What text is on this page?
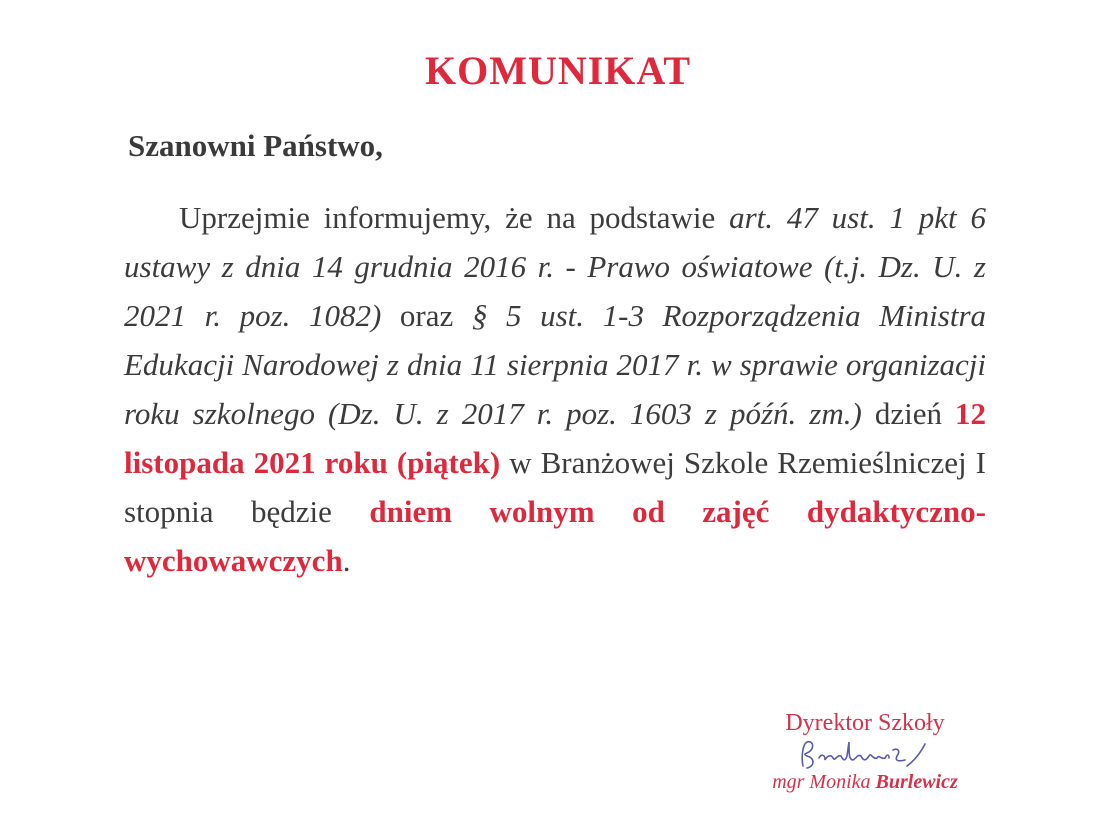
KOMUNIKAT

Szanowni Państwo,

Uprzejmie informujemy, że na podstawie art. 47 ust. 1 pkt 6 ustawy z dnia 14 grudnia 2016 r. - Prawo oświatowe (t.j. Dz. U. z 2021 r. poz. 1082) oraz § 5 ust. 1-3 Rozporządzenia Ministra Edukacji Narodowej z dnia 11 sierpnia 2017 r. w sprawie organizacji roku szkolnego (Dz. U. z 2017 r. poz. 1603 z późń. zm.) dzień 12 listopada 2021 roku (piątek) w Branżowej Szkole Rzemieślniczej I stopnia będzie dniem wolnym od zajęć dydaktyczno-wychowawczych.

Dyrektor Szkoły

mgr Monika Burlewicz
